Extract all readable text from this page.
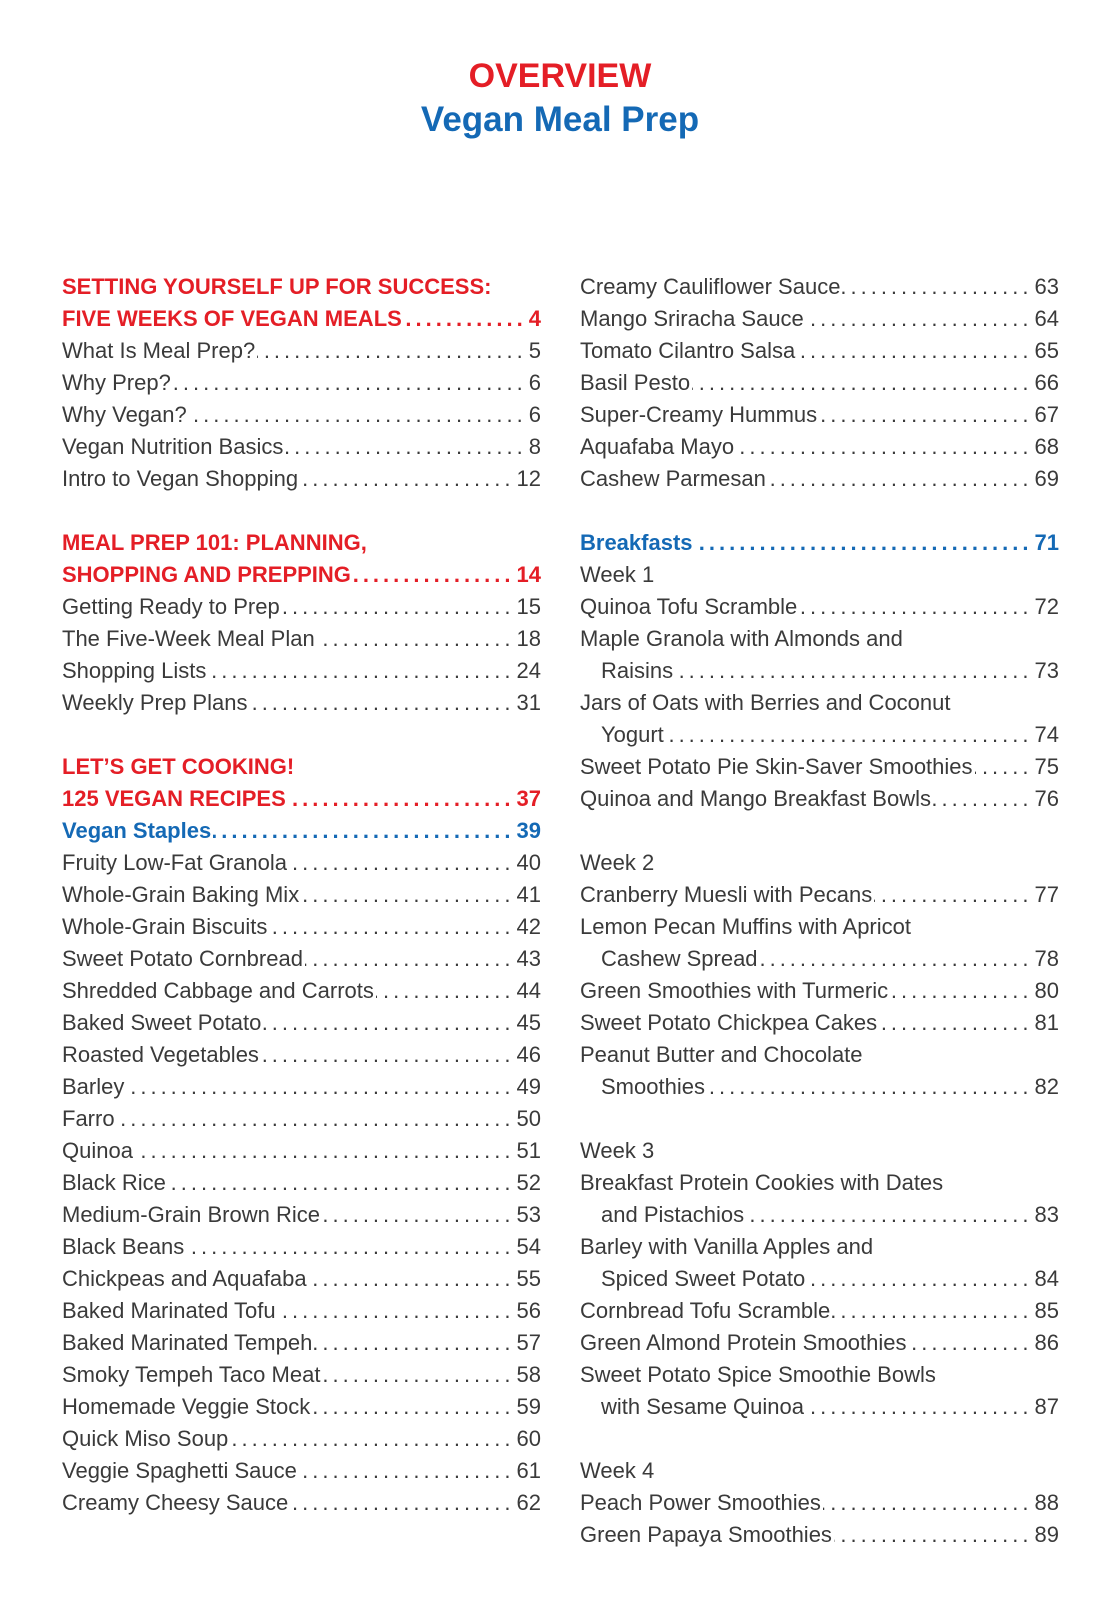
OVERVIEW
Vegan Meal Prep
SETTING YOURSELF UP FOR SUCCESS:
FIVE WEEKS OF VEGAN MEALS .....	4
What Is Meal Prep? .....	5
Why Prep? .....	6
Why Vegan? .....	6
Vegan Nutrition Basics .....	8
Intro to Vegan Shopping .....	12
MEAL PREP 101: PLANNING,
SHOPPING AND PREPPING .....	14
Getting Ready to Prep .....	15
The Five-Week Meal Plan .....	18
Shopping Lists .....	24
Weekly Prep Plans .....	31
LET’S GET COOKING!
125 VEGAN RECIPES .....	37
Vegan Staples .....	39
Fruity Low-Fat Granola .....	40
Whole-Grain Baking Mix .....	41
Whole-Grain Biscuits .....	42
Sweet Potato Cornbread .....	43
Shredded Cabbage and Carrots .....	44
Baked Sweet Potato .....	45
Roasted Vegetables .....	46
Barley .....	49
Farro .....	50
Quinoa .....	51
Black Rice .....	52
Medium-Grain Brown Rice .....	53
Black Beans .....	54
Chickpeas and Aquafaba .....	55
Baked Marinated Tofu .....	56
Baked Marinated Tempeh .....	57
Smoky Tempeh Taco Meat .....	58
Homemade Veggie Stock .....	59
Quick Miso Soup .....	60
Veggie Spaghetti Sauce .....	61
Creamy Cheesy Sauce .....	62
Creamy Cauliflower Sauce .....	63
Mango Sriracha Sauce .....	64
Tomato Cilantro Salsa .....	65
Basil Pesto .....	66
Super-Creamy Hummus .....	67
Aquafaba Mayo .....	68
Cashew Parmesan .....	69
Breakfasts .....	71
Week 1
Quinoa Tofu Scramble .....	72
Maple Granola with Almonds and
Raisins .....	73
Jars of Oats with Berries and Coconut
Yogurt .....	74
Sweet Potato Pie Skin-Saver Smoothies .....	75
Quinoa and Mango Breakfast Bowls .....	76
Week 2
Cranberry Muesli with Pecans .....	77
Lemon Pecan Muffins with Apricot
Cashew Spread .....	78
Green Smoothies with Turmeric .....	80
Sweet Potato Chickpea Cakes .....	81
Peanut Butter and Chocolate
Smoothies .....	82
Week 3
Breakfast Protein Cookies with Dates
and Pistachios .....	83
Barley with Vanilla Apples and
Spiced Sweet Potato .....	84
Cornbread Tofu Scramble .....	85
Green Almond Protein Smoothies .....	86
Sweet Potato Spice Smoothie Bowls
with Sesame Quinoa .....	87
Week 4
Peach Power Smoothies .....	88
Green Papaya Smoothies .....	89
